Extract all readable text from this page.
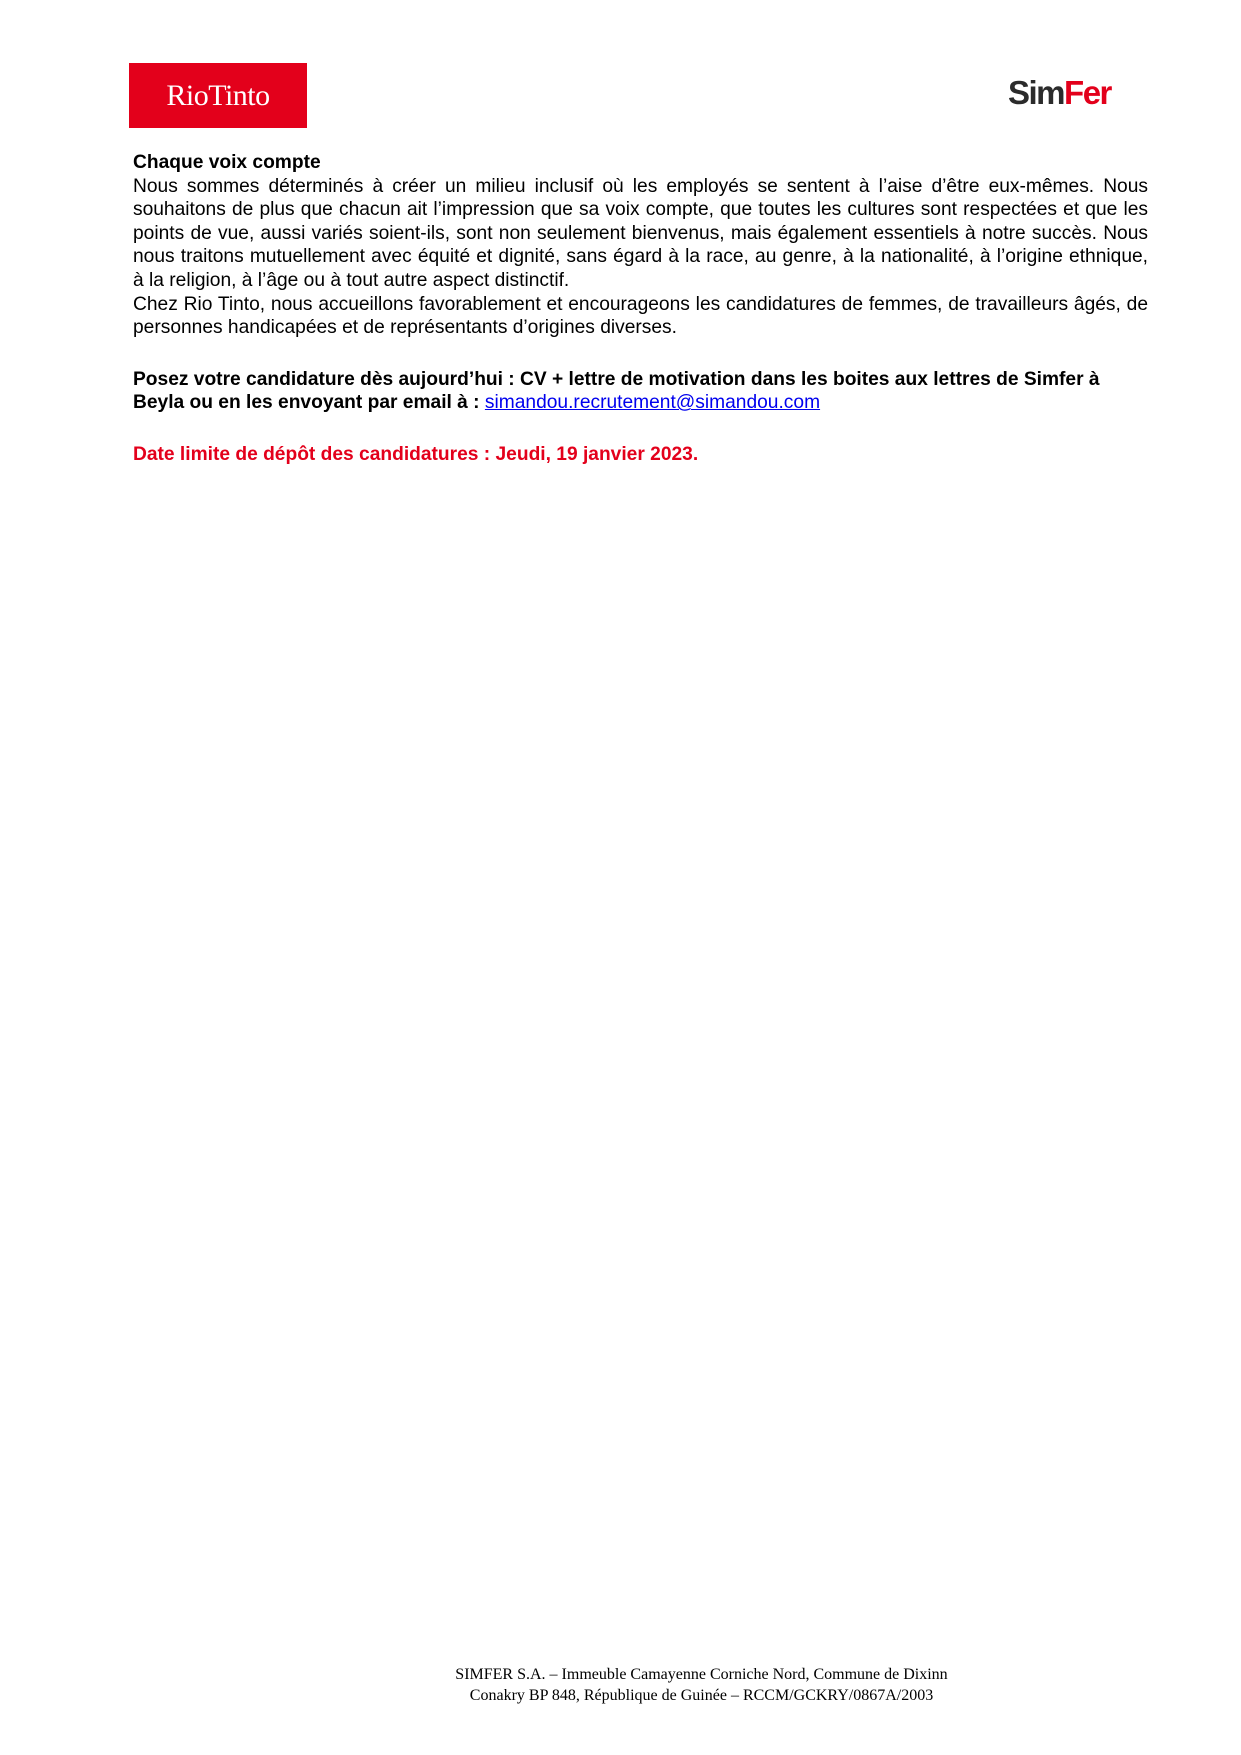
RioTinto	SimFer

Chaque voix compte

Nous sommes déterminés à créer un milieu inclusif où les employés se sentent à l’aise d’être eux-mêmes. Nous souhaitons de plus que chacun ait l’impression que sa voix compte, que toutes les cultures sont respectées et que les points de vue, aussi variés soient-ils, sont non seulement bienvenus, mais également essentiels à notre succès. Nous nous traitons mutuellement avec équité et dignité, sans égard à la race, au genre, à la nationalité, à l’origine ethnique, à la religion, à l’âge ou à tout autre aspect distinctif.

Chez Rio Tinto, nous accueillons favorablement et encourageons les candidatures de femmes, de travailleurs âgés, de personnes handicapées et de représentants d’origines diverses.

Posez votre candidature dès aujourd’hui : CV + lettre de motivation dans les boites aux lettres de Simfer à Beyla ou en les envoyant par email à : simandou.recrutement@simandou.com

Date limite de dépôt des candidatures : Jeudi, 19 janvier 2023.

SIMFER S.A. – Immeuble Camayenne Corniche Nord, Commune de Dixinn
Conakry BP 848, République de Guinée – RCCM/GCKRY/0867A/2003
